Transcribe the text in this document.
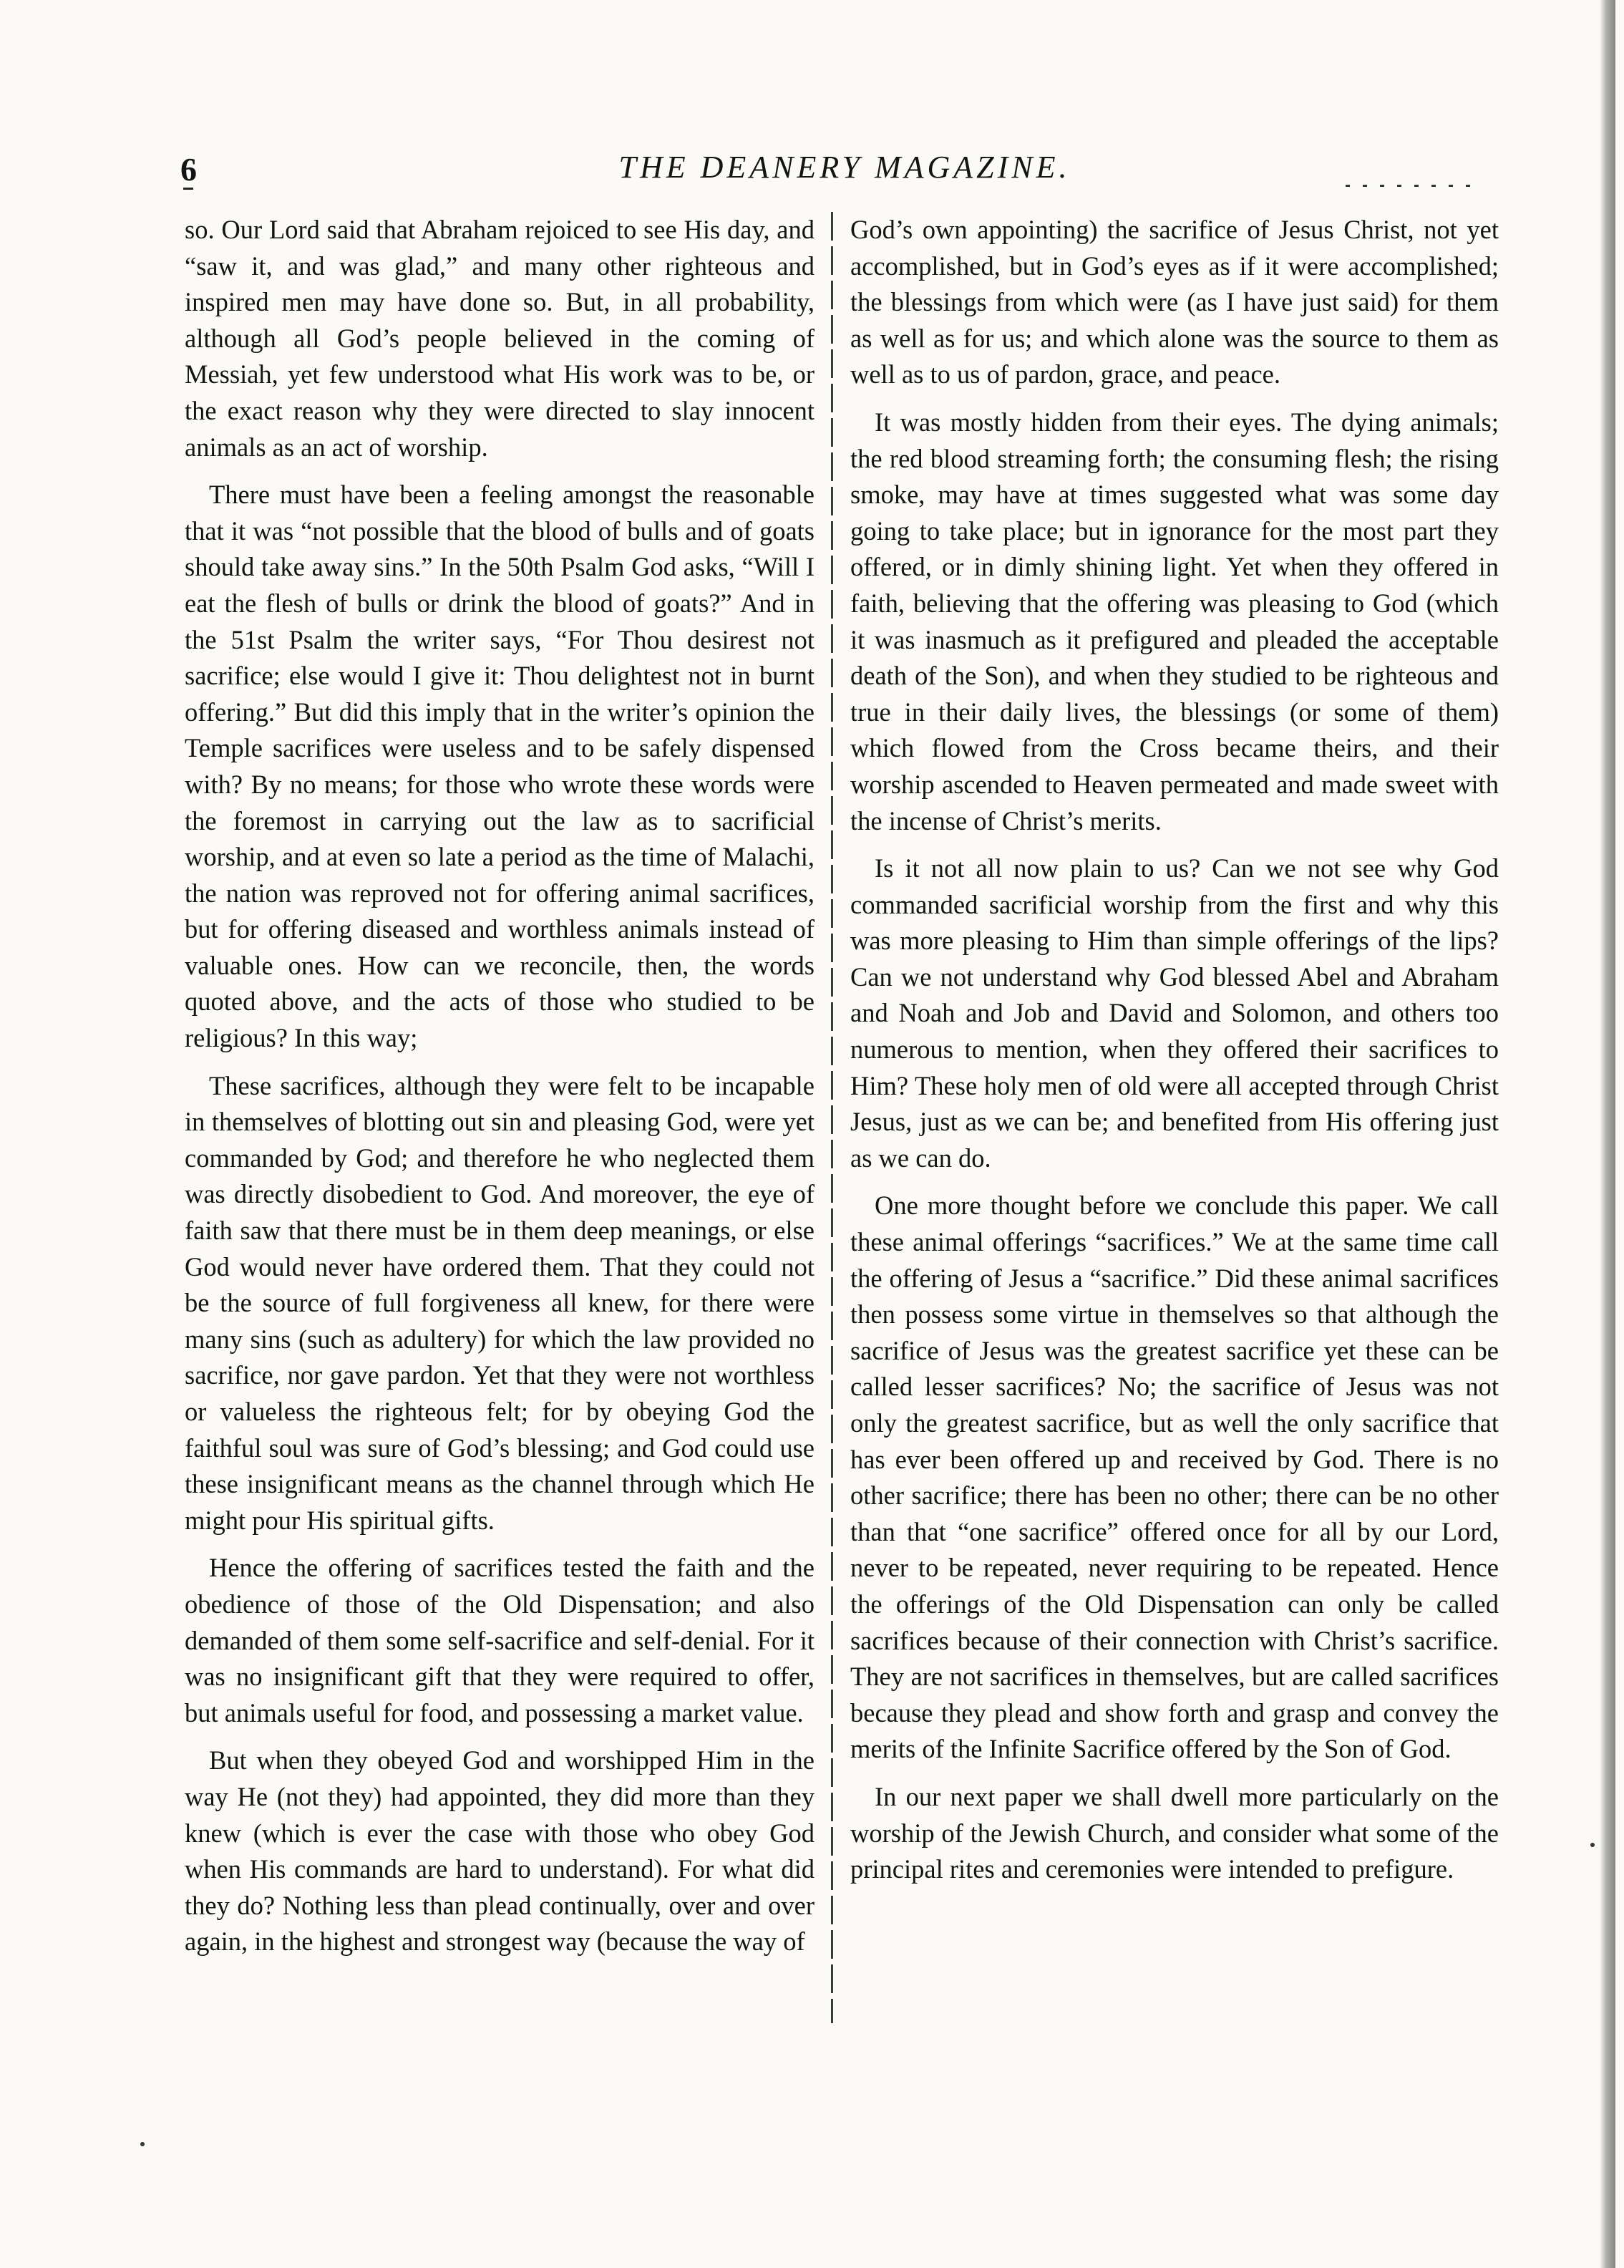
6	THE DEANERY MAGAZINE.

so. Our Lord said that Abraham rejoiced to see His day, and “saw it, and was glad,” and many other righteous and inspired men may have done so. But, in all probability, although all God’s people believed in the coming of Messiah, yet few understood what His work was to be, or the exact reason why they were directed to slay innocent animals as an act of worship.

There must have been a feeling amongst the reasonable that it was “not possible that the blood of bulls and of goats should take away sins.” In the 50th Psalm God asks, “Will I eat the flesh of bulls or drink the blood of goats?” And in the 51st Psalm the writer says, “For Thou desirest not sacrifice; else would I give it: Thou delightest not in burnt offering.” But did this imply that in the writer’s opinion the Temple sacrifices were useless and to be safely dispensed with? By no means; for those who wrote these words were the foremost in carrying out the law as to sacrificial worship, and at even so late a period as the time of Malachi, the nation was reproved not for offering animal sacrifices, but for offering diseased and worthless animals instead of valuable ones. How can we reconcile, then, the words quoted above, and the acts of those who studied to be religious? In this way;

These sacrifices, although they were felt to be incapable in themselves of blotting out sin and pleasing God, were yet commanded by God; and therefore he who neglected them was directly disobedient to God. And moreover, the eye of faith saw that there must be in them deep meanings, or else God would never have ordered them. That they could not be the source of full forgiveness all knew, for there were many sins (such as adultery) for which the law provided no sacrifice, nor gave pardon. Yet that they were not worthless or valueless the righteous felt; for by obeying God the faithful soul was sure of God’s blessing; and God could use these insignificant means as the channel through which He might pour His spiritual gifts.

Hence the offering of sacrifices tested the faith and the obedience of those of the Old Dispensation; and also demanded of them some self-sacrifice and self-denial. For it was no insignificant gift that they were required to offer, but animals useful for food, and possessing a market value.

But when they obeyed God and worshipped Him in the way He (not they) had appointed, they did more than they knew (which is ever the case with those who obey God when His commands are hard to understand). For what did they do? Nothing less than plead continually, over and over again, in the highest and strongest way (because the way of

God’s own appointing) the sacrifice of Jesus Christ, not yet accomplished, but in God’s eyes as if it were accomplished; the blessings from which were (as I have just said) for them as well as for us; and which alone was the source to them as well as to us of pardon, grace, and peace.

It was mostly hidden from their eyes. The dying animals; the red blood streaming forth; the consuming flesh; the rising smoke, may have at times suggested what was some day going to take place; but in ignorance for the most part they offered, or in dimly shining light. Yet when they offered in faith, believing that the offering was pleasing to God (which it was inasmuch as it prefigured and pleaded the acceptable death of the Son), and when they studied to be righteous and true in their daily lives, the blessings (or some of them) which flowed from the Cross became theirs, and their worship ascended to Heaven permeated and made sweet with the incense of Christ’s merits.

Is it not all now plain to us? Can we not see why God commanded sacrificial worship from the first and why this was more pleasing to Him than simple offerings of the lips? Can we not understand why God blessed Abel and Abraham and Noah and Job and David and Solomon, and others too numerous to mention, when they offered their sacrifices to Him? These holy men of old were all accepted through Christ Jesus, just as we can be; and benefited from His offering just as we can do.

One more thought before we conclude this paper. We call these animal offerings “sacrifices.” We at the same time call the offering of Jesus a “sacrifice.” Did these animal sacrifices then possess some virtue in themselves so that although the sacrifice of Jesus was the greatest sacrifice yet these can be called lesser sacrifices? No; the sacrifice of Jesus was not only the greatest sacrifice, but as well the only sacrifice that has ever been offered up and received by God. There is no other sacrifice; there has been no other; there can be no other than that “one sacrifice” offered once for all by our Lord, never to be repeated, never requiring to be repeated. Hence the offerings of the Old Dispensation can only be called sacrifices because of their connection with Christ’s sacrifice. They are not sacrifices in themselves, but are called sacrifices because they plead and show forth and grasp and convey the merits of the Infinite Sacrifice offered by the Son of God.

In our next paper we shall dwell more particularly on the worship of the Jewish Church, and consider what some of the principal rites and ceremonies were intended to prefigure.
